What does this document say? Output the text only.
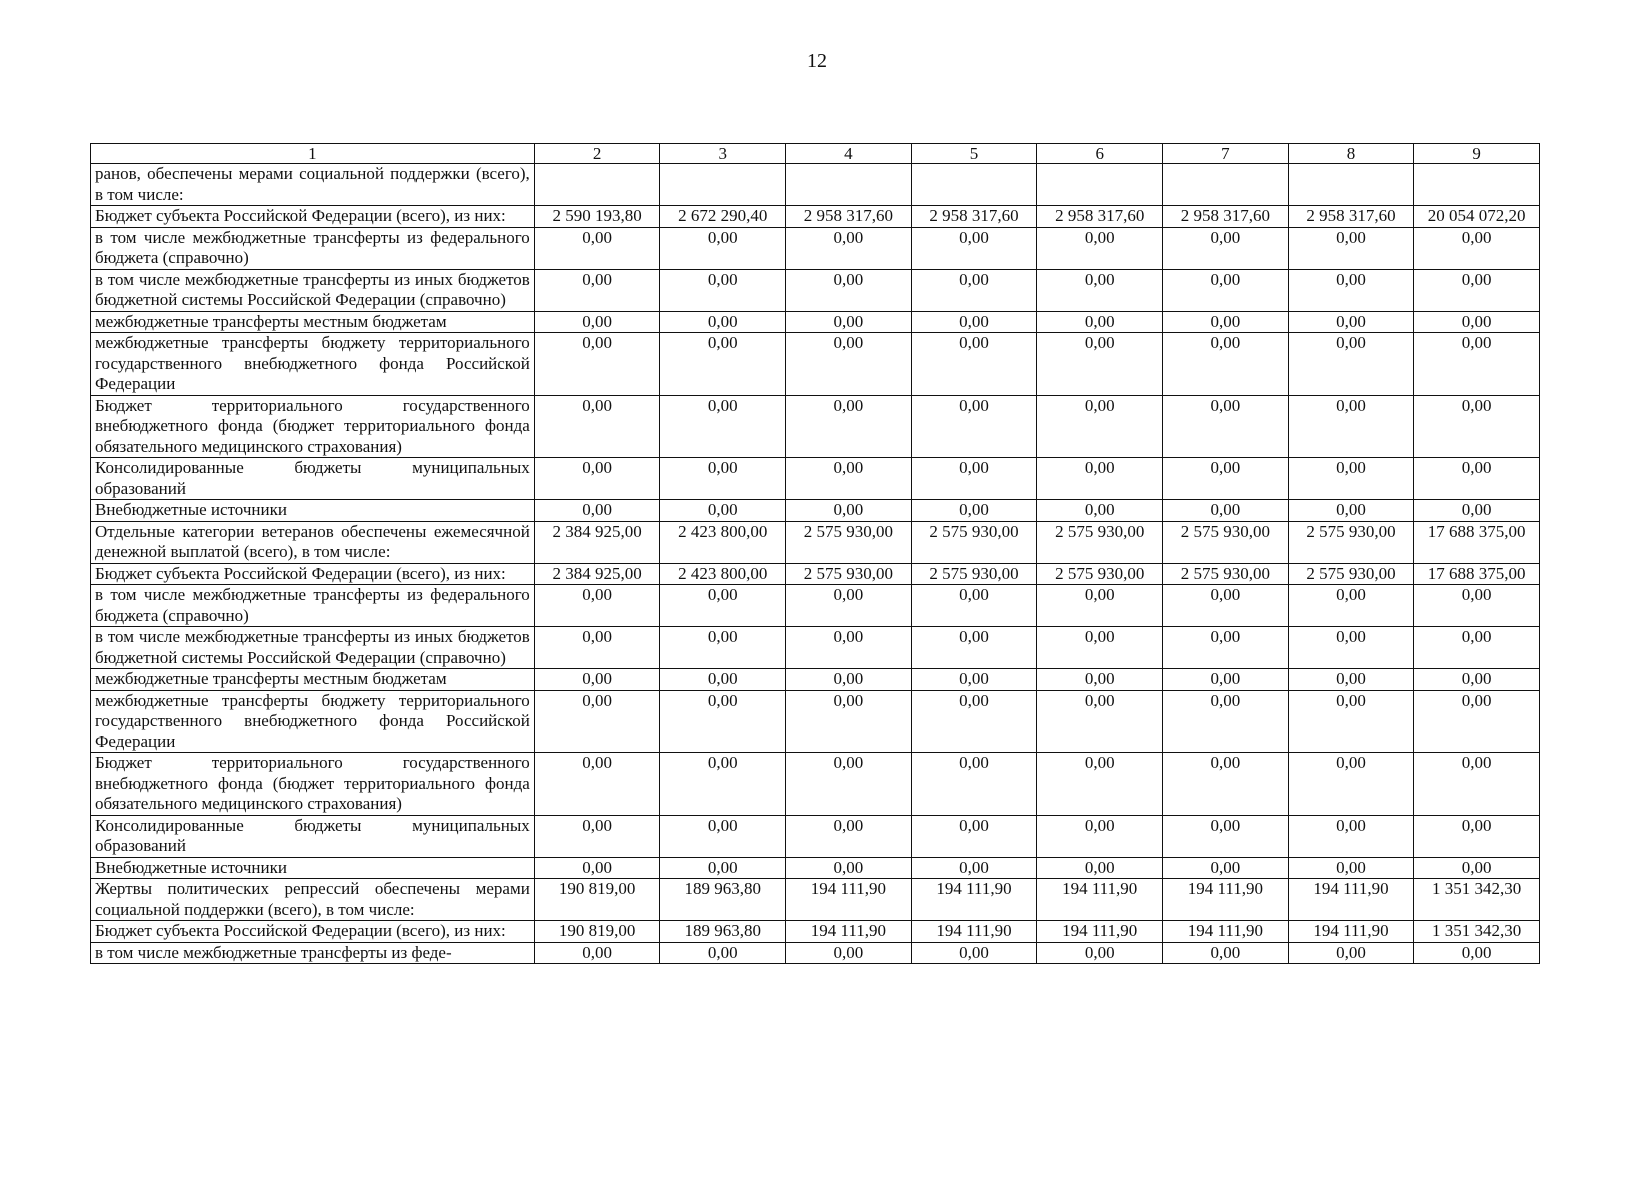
12
1	2	3	4	5	6	7	8	9
ранов, обеспечены мерами социальной поддержки (всего), в том числе:								
Бюджет субъекта Российской Федерации (всего), из них:	2 590 193,80	2 672 290,40	2 958 317,60	2 958 317,60	2 958 317,60	2 958 317,60	2 958 317,60	20 054 072,20
в том числе межбюджетные трансферты из федерального бюджета (справочно)	0,00	0,00	0,00	0,00	0,00	0,00	0,00	0,00
в том числе межбюджетные трансферты из иных бюджетов бюджетной системы Российской Федерации (справочно)	0,00	0,00	0,00	0,00	0,00	0,00	0,00	0,00
межбюджетные трансферты местным бюджетам	0,00	0,00	0,00	0,00	0,00	0,00	0,00	0,00
межбюджетные трансферты бюджету территориального государственного внебюджетного фонда Российской Федерации	0,00	0,00	0,00	0,00	0,00	0,00	0,00	0,00
Бюджет территориального государственного внебюджетного фонда (бюджет территориального фонда обязательного медицинского страхования)	0,00	0,00	0,00	0,00	0,00	0,00	0,00	0,00
Консолидированные бюджеты муниципальных образований	0,00	0,00	0,00	0,00	0,00	0,00	0,00	0,00
Внебюджетные источники	0,00	0,00	0,00	0,00	0,00	0,00	0,00	0,00
Отдельные категории ветеранов обеспечены ежемесячной денежной выплатой (всего), в том числе:	2 384 925,00	2 423 800,00	2 575 930,00	2 575 930,00	2 575 930,00	2 575 930,00	2 575 930,00	17 688 375,00
Бюджет субъекта Российской Федерации (всего), из них:	2 384 925,00	2 423 800,00	2 575 930,00	2 575 930,00	2 575 930,00	2 575 930,00	2 575 930,00	17 688 375,00
в том числе межбюджетные трансферты из федерального бюджета (справочно)	0,00	0,00	0,00	0,00	0,00	0,00	0,00	0,00
в том числе межбюджетные трансферты из иных бюджетов бюджетной системы Российской Федерации (справочно)	0,00	0,00	0,00	0,00	0,00	0,00	0,00	0,00
межбюджетные трансферты местным бюджетам	0,00	0,00	0,00	0,00	0,00	0,00	0,00	0,00
межбюджетные трансферты бюджету территориального государственного внебюджетного фонда Российской Федерации	0,00	0,00	0,00	0,00	0,00	0,00	0,00	0,00
Бюджет территориального государственного внебюджетного фонда (бюджет территориального фонда обязательного медицинского страхования)	0,00	0,00	0,00	0,00	0,00	0,00	0,00	0,00
Консолидированные бюджеты муниципальных образований	0,00	0,00	0,00	0,00	0,00	0,00	0,00	0,00
Внебюджетные источники	0,00	0,00	0,00	0,00	0,00	0,00	0,00	0,00
Жертвы политических репрессий обеспечены мерами социальной поддержки (всего), в том числе:	190 819,00	189 963,80	194 111,90	194 111,90	194 111,90	194 111,90	194 111,90	1 351 342,30
Бюджет субъекта Российской Федерации (всего), из них:	190 819,00	189 963,80	194 111,90	194 111,90	194 111,90	194 111,90	194 111,90	1 351 342,30
в том числе межбюджетные трансферты из феде-	0,00	0,00	0,00	0,00	0,00	0,00	0,00	0,00
